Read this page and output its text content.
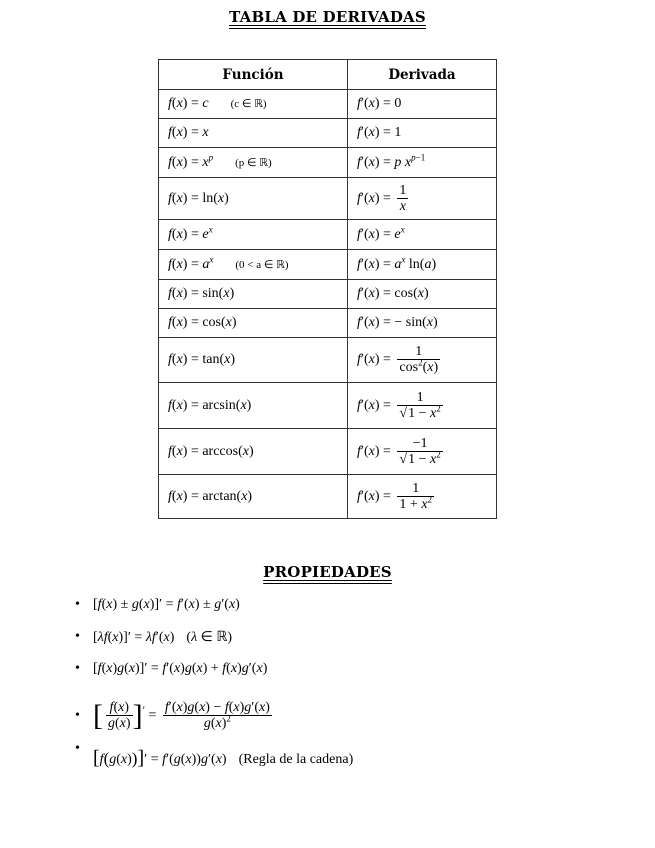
TABLA DE DERIVADAS
Función	Derivada
f(x) = c (c ∈ ℝ)	f′(x) = 0
f(x) = x	f′(x) = 1
$f(x) = x^p$ (p ∈ ℝ)	f′(x) = p $x^{p-1}$
f(x) = ln(x)	$f'(x) = \frac{1}{x}$

$f(x) = e^x$	$f'(x) = e^x$
$f(x) = a^x$ (0 < a ∈ ℝ)	$f'(x) = a^x$ ln(a)
f(x) = sin(x)	f′(x) = cos(x)
f(x) = cos(x)	f′(x) = − sin(x)
f(x) = tan(x)	$f'(x) = \frac{1}{\cos^2(x)}$

f(x) = arcsin(x)	$f'(x) = \frac{1}{√1 - x^2}$

f(x) = arccos(x)	$f'(x) = \frac{-1}{√1 - x^2}$

f(x) = arctan(x)	$f'(x) = \frac{1}{1 + x^2}$
PROPIEDADES
• [f(x) ± g(x)]′ = f′(x) ± g′(x)
• [λf(x)]′ = λf′(x) (λ ∈ ℝ)
• [f(x)g(x)]′ = f′(x)g(x) + f(x)g′(x)
• [ $\frac{f(x)}{g(x)} ]' = \frac{f'(x)g(x) - f(x)g'(x)}{g(x)^2}$
• [f(g(x))]′ = f′(g(x))g′(x) (Regla de la cadena)
